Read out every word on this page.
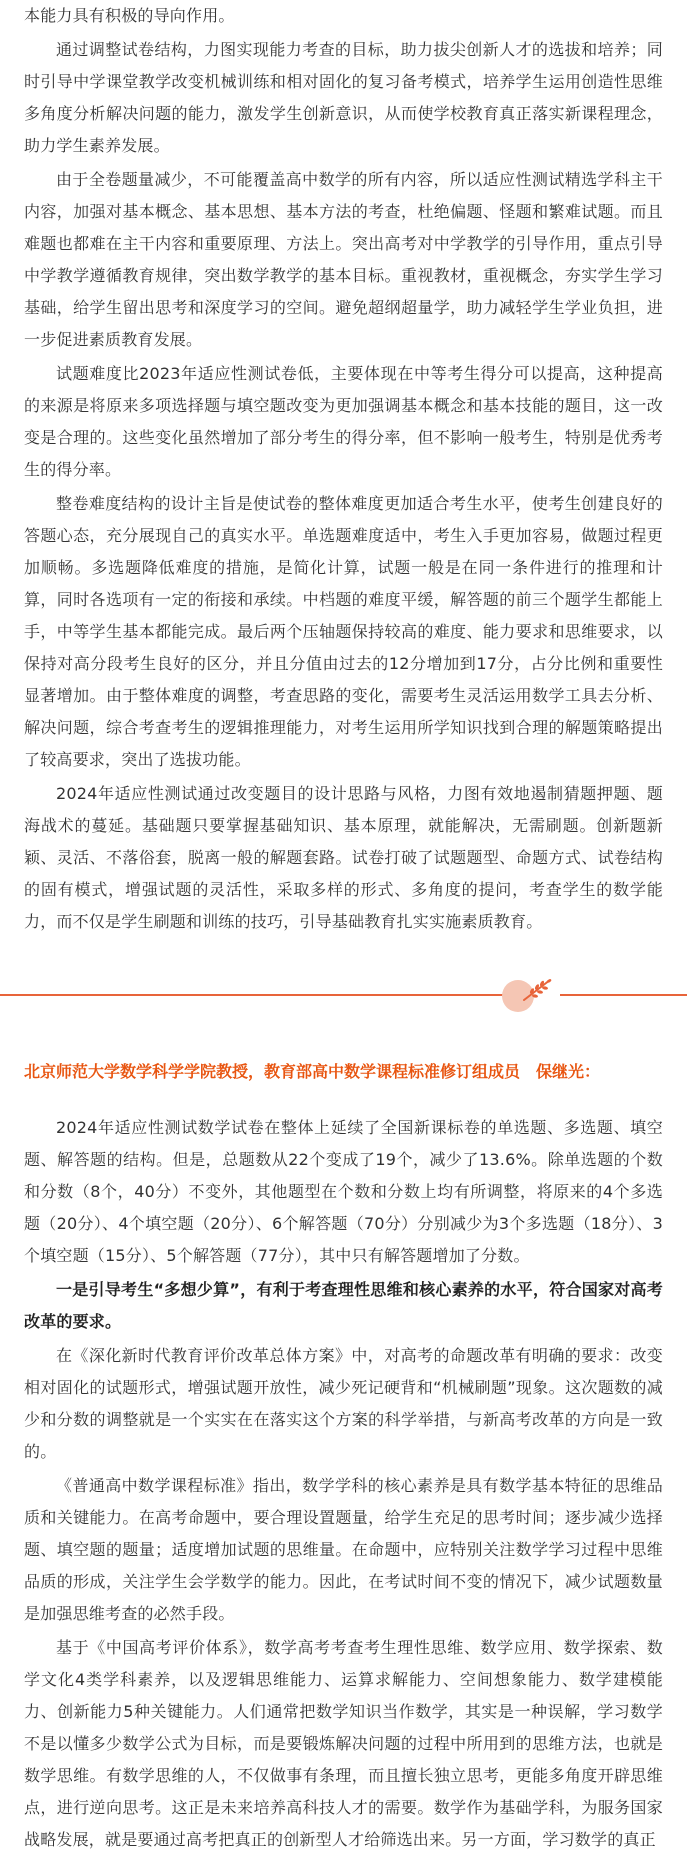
本能力具有积极的导向作用。

通过调整试卷结构，力图实现能力考查的目标，助力拔尖创新人才的选拔和培养；同时引导中学课堂教学改变机械训练和相对固化的复习备考模式，培养学生运用创造性思维多角度分析解决问题的能力，激发学生创新意识，从而使学校教育真正落实新课程理念，助力学生素养发展。

由于全卷题量减少，不可能覆盖高中数学的所有内容，所以适应性测试精选学科主干内容，加强对基本概念、基本思想、基本方法的考查，杜绝偏题、怪题和繁难试题。而且难题也都难在主干内容和重要原理、方法上。突出高考对中学教学的引导作用，重点引导中学教学遵循教育规律，突出数学教学的基本目标。重视教材，重视概念，夯实学生学习基础，给学生留出思考和深度学习的空间。避免超纲超量学，助力减轻学生学业负担，进一步促进素质教育发展。

试题难度比2023年适应性测试卷低，主要体现在中等考生得分可以提高，这种提高的来源是将原来多项选择题与填空题改变为更加强调基本概念和基本技能的题目，这一改变是合理的。这些变化虽然增加了部分考生的得分率，但不影响一般考生，特别是优秀考生的得分率。

整卷难度结构的设计主旨是使试卷的整体难度更加适合考生水平，使考生创建良好的答题心态，充分展现自己的真实水平。单选题难度适中，考生入手更加容易，做题过程更加顺畅。多选题降低难度的措施，是简化计算，试题一般是在同一条件进行的推理和计算，同时各选项有一定的衔接和承续。中档题的难度平缓，解答题的前三个题学生都能上手，中等学生基本都能完成。最后两个压轴题保持较高的难度、能力要求和思维要求，以保持对高分段考生良好的区分，并且分值由过去的12分增加到17分，占分比例和重要性显著增加。由于整体难度的调整，考查思路的变化，需要考生灵活运用数学工具去分析、解决问题，综合考查考生的逻辑推理能力，对考生运用所学知识找到合理的解题策略提出了较高要求，突出了选拔功能。

2024年适应性测试通过改变题目的设计思路与风格，力图有效地遏制猜题押题、题海战术的蔓延。基础题只要掌握基础知识、基本原理，就能解决，无需刷题。创新题新颖、灵活、不落俗套，脱离一般的解题套路。试卷打破了试题题型、命题方式、试卷结构的固有模式，增强试题的灵活性，采取多样的形式、多角度的提问，考查学生的数学能力，而不仅是学生刷题和训练的技巧，引导基础教育扎实实施素质教育。

北京师范大学数学科学学院教授，教育部高中数学课程标准修订组成员　保继光：

2024年适应性测试数学试卷在整体上延续了全国新课标卷的单选题、多选题、填空题、解答题的结构。但是，总题数从22个变成了19个，减少了13.6%。除单选题的个数和分数（8个，40分）不变外，其他题型在个数和分数上均有所调整，将原来的4个多选题（20分）、4个填空题（20分）、6个解答题（70分）分别减少为3个多选题（18分）、3个填空题（15分）、5个解答题（77分），其中只有解答题增加了分数。

一是引导考生“多想少算”，有利于考查理性思维和核心素养的水平，符合国家对高考改革的要求。

在《深化新时代教育评价改革总体方案》中，对高考的命题改革有明确的要求：改变相对固化的试题形式，增强试题开放性，减少死记硬背和“机械刷题”现象。这次题数的减少和分数的调整就是一个实实在在落实这个方案的科学举措，与新高考改革的方向是一致的。

《普通高中数学课程标准》指出，数学学科的核心素养是具有数学基本特征的思维品质和关键能力。在高考命题中，要合理设置题量，给学生充足的思考时间；逐步减少选择题、填空题的题量；适度增加试题的思维量。在命题中，应特别关注数学学习过程中思维品质的形成，关注学生会学数学的能力。因此，在考试时间不变的情况下，减少试题数量是加强思维考查的必然手段。

基于《中国高考评价体系》，数学高考考查考生理性思维、数学应用、数学探索、数学文化4类学科素养，以及逻辑思维能力、运算求解能力、空间想象能力、数学建模能力、创新能力5种关键能力。人们通常把数学知识当作数学，其实是一种误解，学习数学不是以懂多少数学公式为目标，而是要锻炼解决问题的过程中所用到的思维方法，也就是数学思维。有数学思维的人，不仅做事有条理，而且擅长独立思考，更能多角度开辟思维点，进行逆向思考。这正是未来培养高科技人才的需要。数学作为基础学科，为服务国家战略发展，就是要通过高考把真正的创新型人才给筛选出来。另一方面，学习数学的真正
